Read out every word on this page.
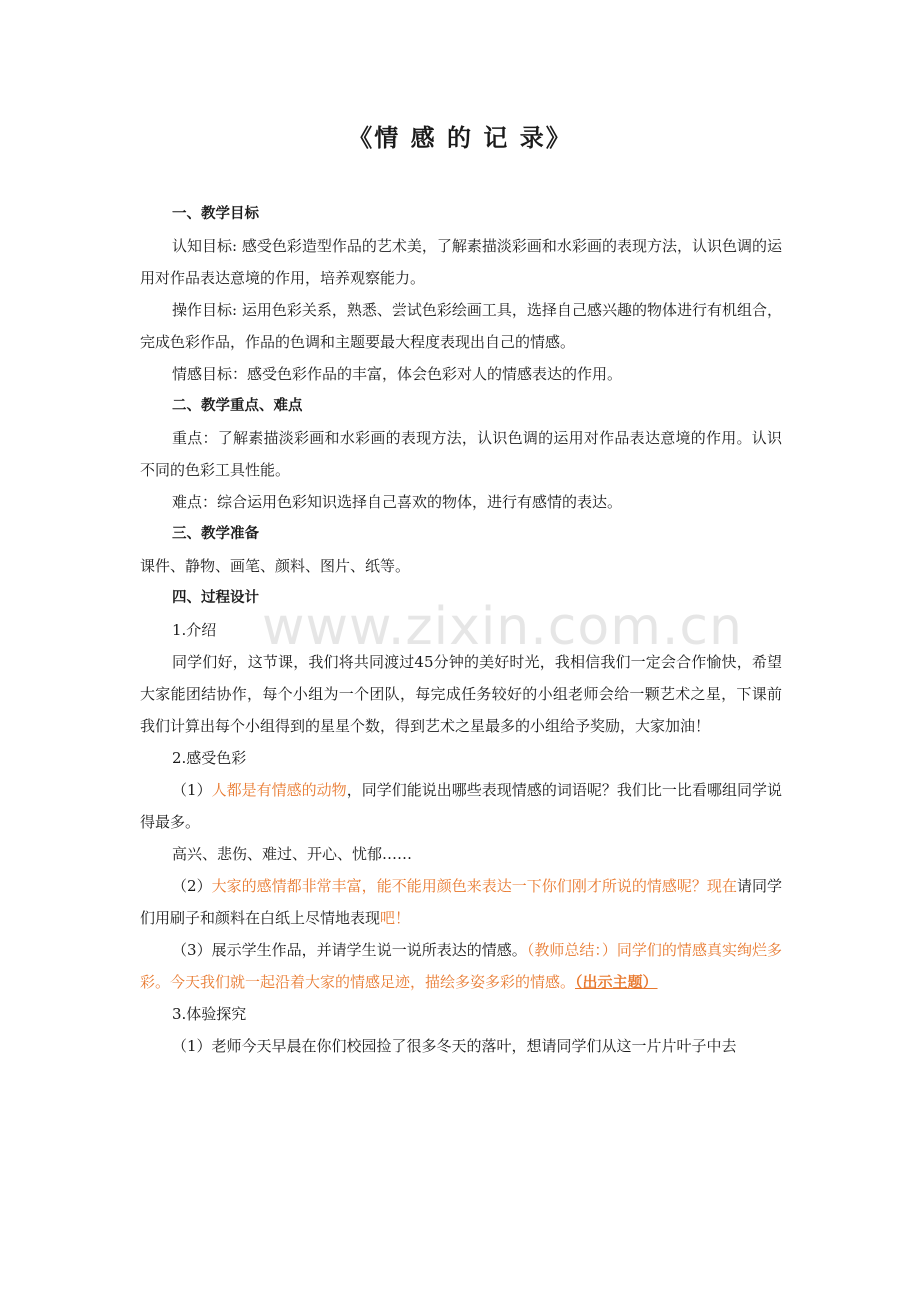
《情 感 的 记 录》
www.zixin.com.cn

一、教学目标

认知目标: 感受色彩造型作品的艺术美，了解素描淡彩画和水彩画的表现方法，认识色调的运用对作品表达意境的作用，培养观察能力。

操作目标: 运用色彩关系，熟悉、尝试色彩绘画工具，选择自己感兴趣的物体进行有机组合，完成色彩作品，作品的色调和主题要最大程度表现出自己的情感。

情感目标：感受色彩作品的丰富，体会色彩对人的情感表达的作用。

二、教学重点、难点

重点：了解素描淡彩画和水彩画的表现方法，认识色调的运用对作品表达意境的作用。认识不同的色彩工具性能。

难点：综合运用色彩知识选择自己喜欢的物体，进行有感情的表达。

三、教学准备

课件、静物、画笔、颜料、图片、纸等。

四、过程设计

1.介绍

同学们好，这节课，我们将共同渡过45分钟的美好时光，我相信我们一定会合作愉快，希望大家能团结协作，每个小组为一个团队，每完成任务较好的小组老师会给一颗艺术之星，下课前我们计算出每个小组得到的星星个数，得到艺术之星最多的小组给予奖励，大家加油！

2.感受色彩

（1）人都是有情感的动物，同学们能说出哪些表现情感的词语呢？我们比一比看哪组同学说得最多。

高兴、悲伤、难过、开心、忧郁……

（2）大家的感情都非常丰富，能不能用颜色来表达一下你们刚才所说的情感呢？现在请同学们用刷子和颜料在白纸上尽情地表现吧！

（3）展示学生作品，并请学生说一说所表达的情感。（教师总结：）同学们的情感真实绚烂多彩。今天我们就一起沿着大家的情感足迹，描绘多姿多彩的情感。（出示主题）

3.体验探究

（1）老师今天早晨在你们校园捡了很多冬天的落叶，想请同学们从这一片片叶子中去
